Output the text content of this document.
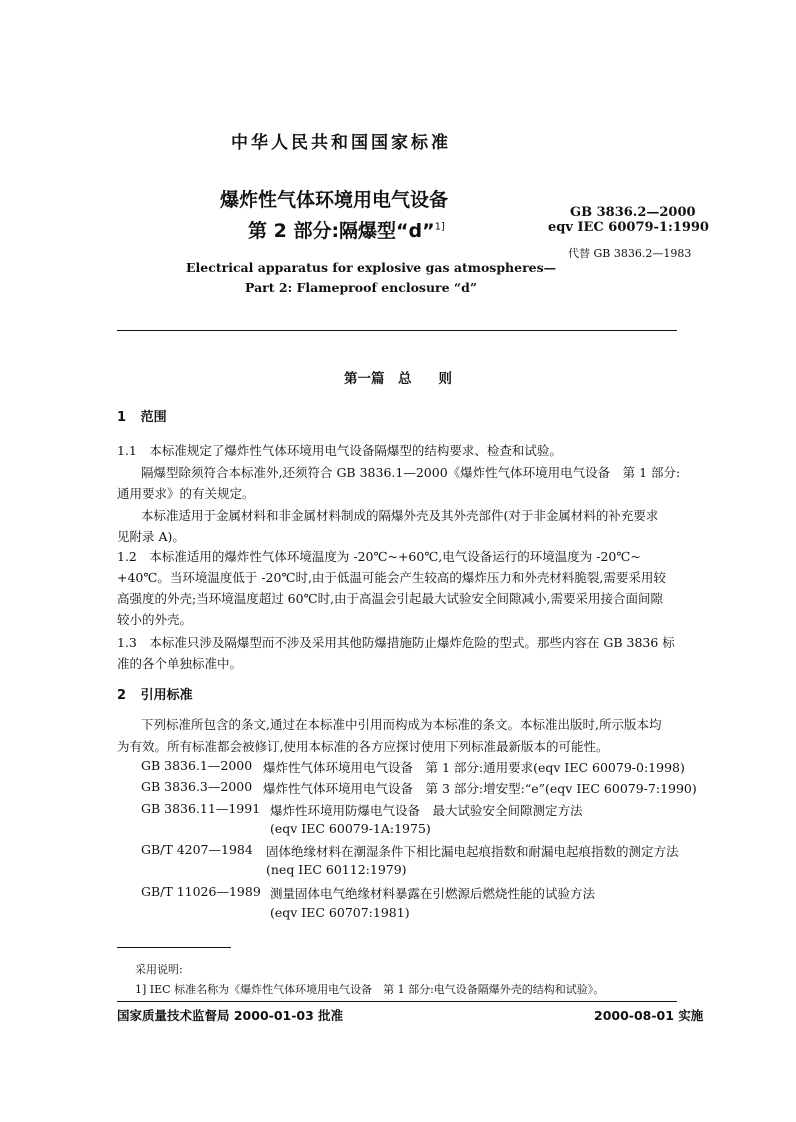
中华人民共和国国家标准
爆炸性气体环境用电气设备
第 2 部分:隔爆型“d”$^{1]}$
GB 3836.2—2000
eqv IEC 60079-1:1990
代替 GB 3836.2—1983
Electrical apparatus for explosive gas atmospheres—
Part 2: Flameproof enclosure “d”
第一篇　总　　则
1 范围
1.1　本标准规定了爆炸性气体环境用电气设备隔爆型的结构要求、检查和试验。
隔爆型除须符合本标准外,还须符合 GB 3836.1—2000《爆炸性气体环境用电气设备　第 1 部分:
通用要求》的有关规定。
本标准适用于金属材料和非金属材料制成的隔爆外壳及其外壳部件(对于非金属材料的补充要求
见附录 A)。
1.2　本标准适用的爆炸性气体环境温度为 -20℃~+60℃,电气设备运行的环境温度为 -20℃~
+40℃。当环境温度低于 -20℃时,由于低温可能会产生较高的爆炸压力和外壳材料脆裂,需要采用较
高强度的外壳;当环境温度超过 60℃时,由于高温会引起最大试验安全间隙减小,需要采用接合面间隙
较小的外壳。
1.3　本标准只涉及隔爆型而不涉及采用其他防爆措施防止爆炸危险的型式。那些内容在 GB 3836 标
准的各个单独标准中。
2 引用标准
下列标准所包含的条文,通过在本标准中引用而构成为本标准的条文。本标准出版时,所示版本均
为有效。所有标准都会被修订,使用本标准的各方应探讨使用下列标准最新版本的可能性。
GB 3836.1—2000 爆炸性气体环境用电气设备　第 1 部分:通用要求(eqv IEC 60079-0:1998)
GB 3836.3—2000 爆炸性气体环境用电气设备　第 3 部分:增安型:“e”(eqv IEC 60079-7:1990)
GB 3836.11—1991 爆炸性环境用防爆电气设备　最大试验安全间隙测定方法
(eqv IEC 60079-1A:1975)
GB/T 4207—1984 固体绝缘材料在潮湿条件下相比漏电起痕指数和耐漏电起痕指数的测定方法
(neq IEC 60112:1979)
GB/T 11026—1989 测量固体电气绝缘材料暴露在引燃源后燃烧性能的试验方法
(eqv IEC 60707:1981)
采用说明:
1] IEC 标准名称为《爆炸性气体环境用电气设备　第 1 部分:电气设备隔爆外壳的结构和试验》。
国家质量技术监督局 2000-01-03 批准	2000-08-01 实施
